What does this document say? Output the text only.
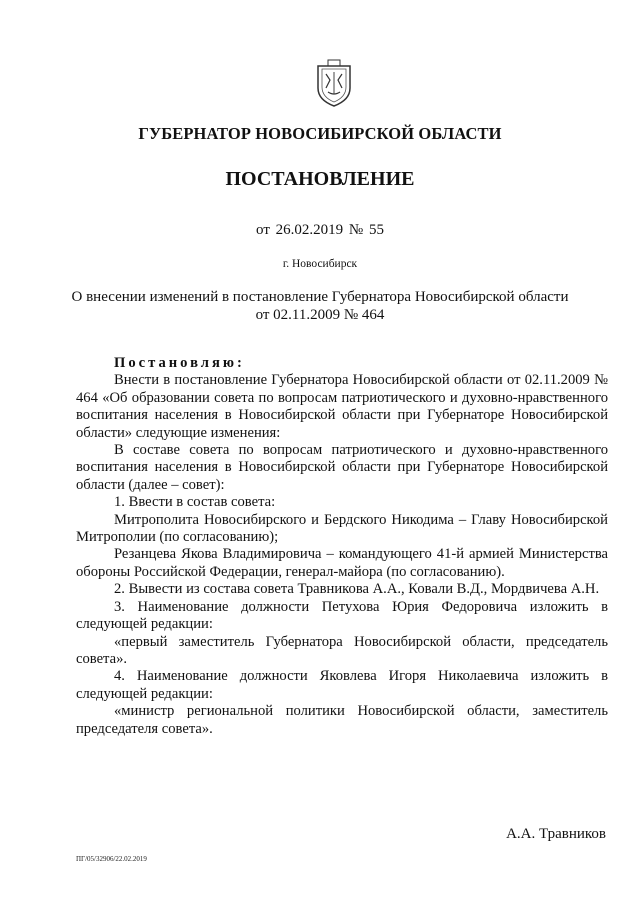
ГУБЕРНАТОР НОВОСИБИРСКОЙ ОБЛАСТИ
ПОСТАНОВЛЕНИЕ
от 26.02.2019 № 55
г. Новосибирск
О внесении изменений в постановление Губернатора Новосибирской области
от 02.11.2009 № 464

Постановляю:

Внести в постановление Губернатора Новосибирской области от 02.11.2009 № 464 «Об образовании совета по вопросам патриотического и духовно-нравственного воспитания населения в Новосибирской области при Губернаторе Новосибирской области» следующие изменения:

В составе совета по вопросам патриотического и духовно-нравственного воспитания населения в Новосибирской области при Губернаторе Новосибирской области (далее – совет):

1. Ввести в состав совета:

Митрополита Новосибирского и Бердского Никодима – Главу Новосибирской Митрополии (по согласованию);

Резанцева Якова Владимировича – командующего 41-й армией Министерства обороны Российской Федерации, генерал-майора (по согласованию).

2. Вывести из состава совета Травникова А.А., Ковали В.Д., Мордвичева А.Н.

3. Наименование должности Петухова Юрия Федоровича изложить в следующей редакции:

«первый заместитель Губернатора Новосибирской области, председатель совета».

4. Наименование должности Яковлева Игоря Николаевича изложить в следующей редакции:

«министр региональной политики Новосибирской области, заместитель председателя совета».

А.А. Травников
ПГ/05/32906/22.02.2019
